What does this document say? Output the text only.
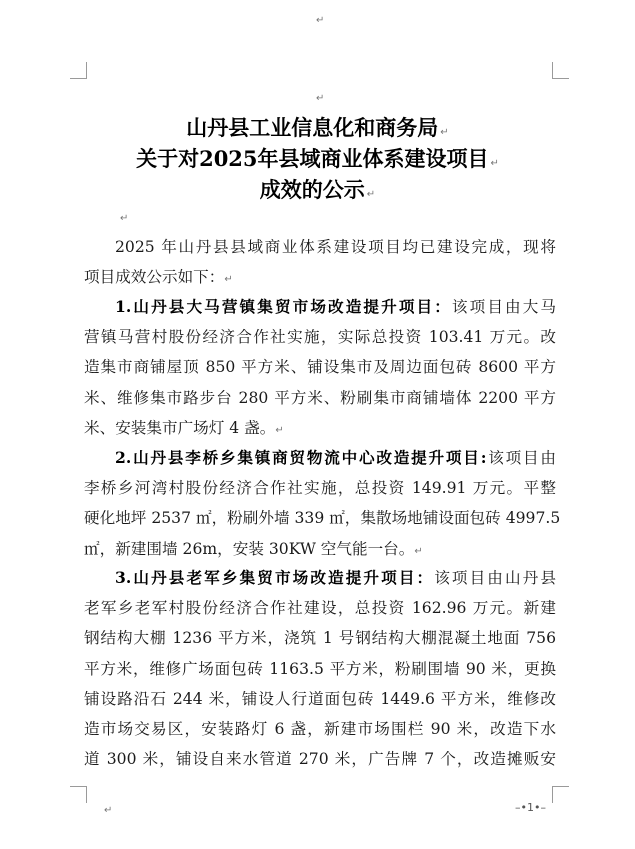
↵
↵
山丹县工业信息化和商务局 ↵
关于对2025年县域商业体系建设项目 ↵
成效的公示 ↵
↵
2025 年山丹县县域商业体系建设项目均已建设完成，现将
项目成效公示如下：↵
1.山丹县大马营镇集贸市场改造提升项目：该项目由大马
营镇马营村股份经济合作社实施，实际总投资 103.41 万元。改
造集市商铺屋顶 850 平方米、铺设集市及周边面包砖 8600 平方
米、维修集市路步台 280 平方米、粉刷集市商铺墙体 2200 平方
米、安装集市广场灯 4 盏。↵
2.山丹县李桥乡集镇商贸物流中心改造提升项目:该项目由
李桥乡河湾村股份经济合作社实施，总投资 149.91 万元。平整
硬化地坪 2537 ㎡，粉刷外墙 339 ㎡，集散场地铺设面包砖 4997.5
㎡，新建围墙 26m，安装 30KW 空气能一台。↵
3.山丹县老军乡集贸市场改造提升项目：该项目由山丹县
老军乡老军村股份经济合作社建设，总投资 162.96 万元。新建
钢结构大棚 1236 平方米，浇筑 1 号钢结构大棚混凝土地面 756
平方米，维修广场面包砖 1163.5 平方米，粉刷围墙 90 米，更换
铺设路沿石 244 米，铺设人行道面包砖 1449.6 平方米，维修改
造市场交易区，安装路灯 6 盏，新建市场围栏 90 米，改造下水
道 300 米，铺设自来水管道 270 米，广告牌 7 个，改造摊贩安
↵	–•1•–
